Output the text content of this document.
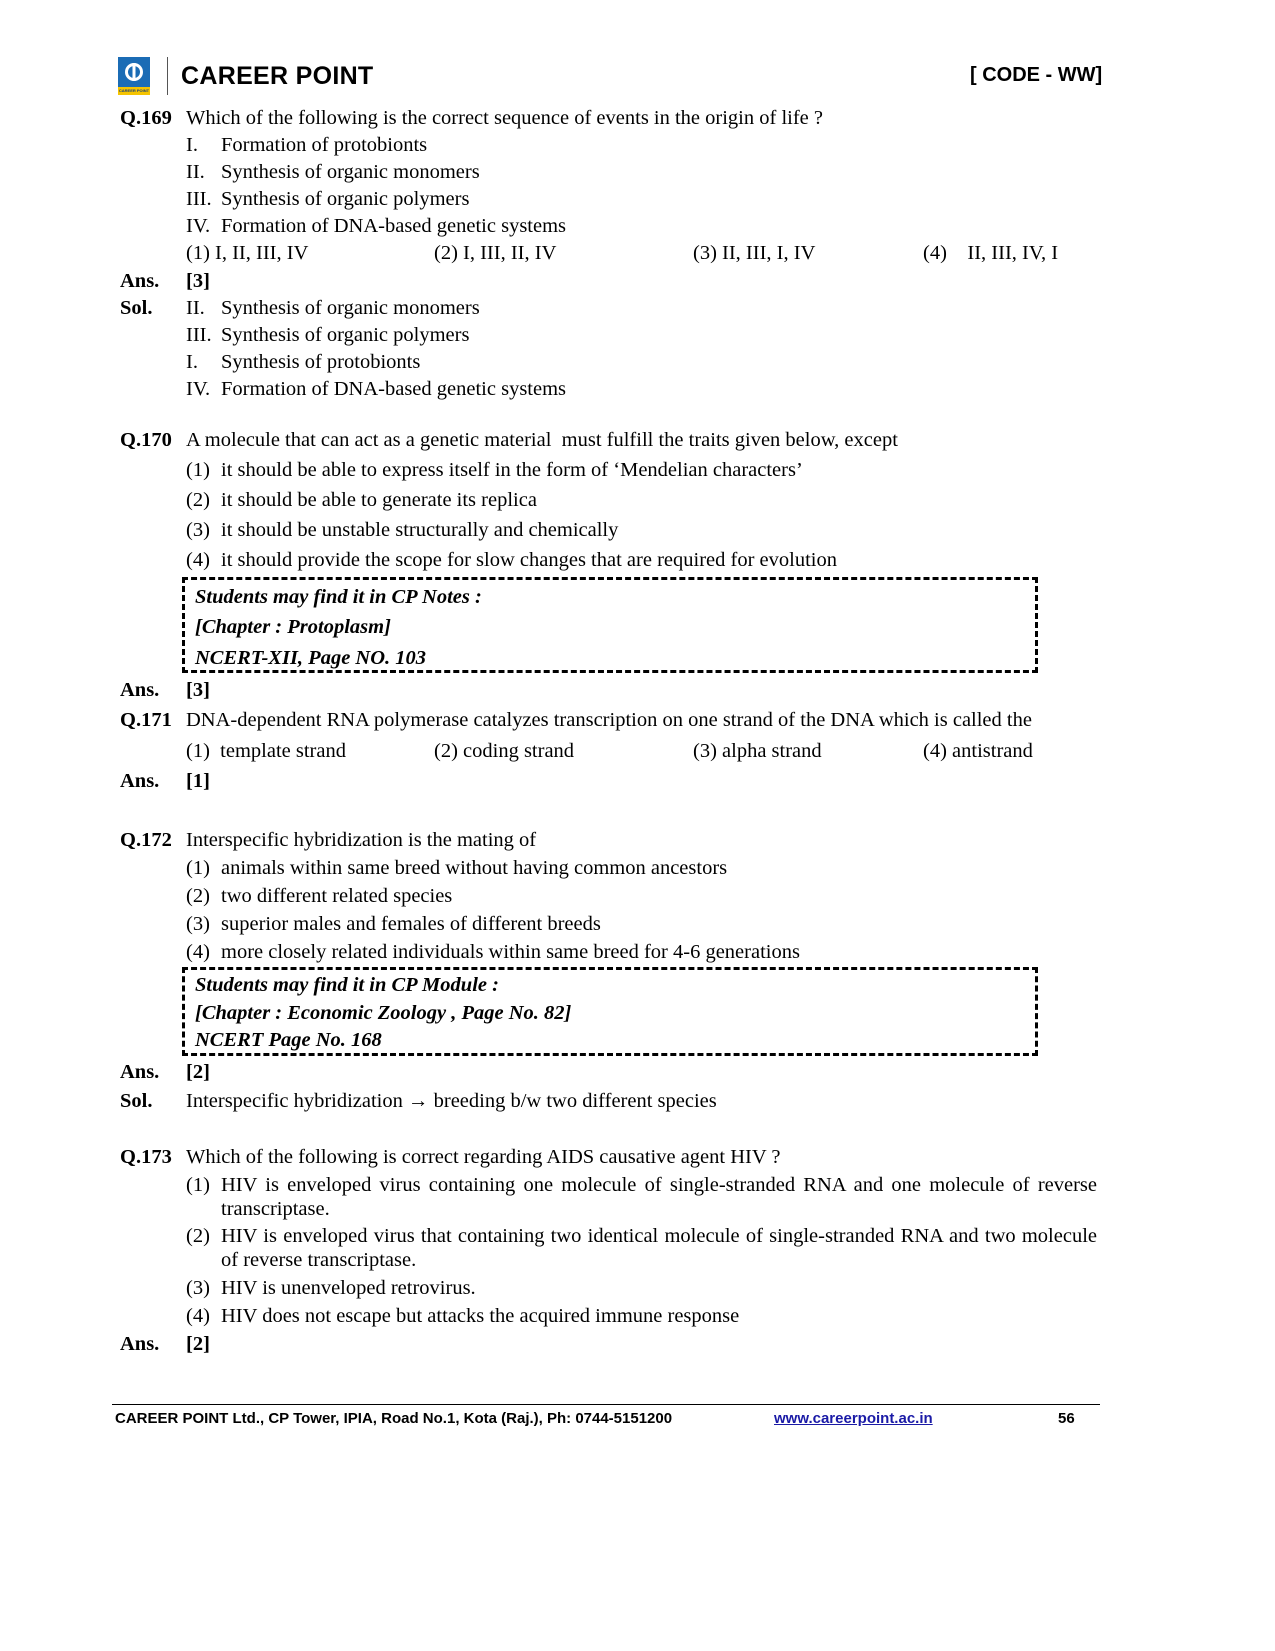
CAREER POINT
CAREER POINT	[ CODE - WW]
Q.169 Which of the following is the correct sequence of events in the origin of life ?
I. Formation of protobionts
II. Synthesis of organic monomers
III. Synthesis of organic polymers
IV. Formation of DNA-based genetic systems
(1) I, II, III, IV	(2) I, III, II, IV	(3) II, III, I, IV	(4)    II, III, IV, I
Ans. [3]
Sol. II. Synthesis of organic monomers
III. Synthesis of organic polymers
I. Synthesis of protobionts
IV. Formation of DNA-based genetic systems
Q.170 A molecule that can act as a genetic material  must fulfill the traits given below, except
(1) it should be able to express itself in the form of ‘Mendelian characters’
(2) it should be able to generate its replica
(3) it should be unstable structurally and chemically
(4) it should provide the scope for slow changes that are required for evolution
Students may find it in CP Notes :
[Chapter : Protoplasm]
NCERT-XII, Page NO. 103
Ans. [3]
Q.171 DNA-dependent RNA polymerase catalyzes transcription on one strand of the DNA which is called the
(1)  template strand	(2) coding strand	(3) alpha strand	(4) antistrand
Ans. [1]
Q.172 Interspecific hybridization is the mating of
(1) animals within same breed without having common ancestors
(2) two different related species
(3) superior males and females of different breeds
(4) more closely related individuals within same breed for 4-6 generations
Students may find it in CP Module :
[Chapter : Economic Zoology , Page No. 82]
NCERT Page No. 168
Ans. [2]
Sol. Interspecific hybridization → breeding b/w two different species
Q.173 Which of the following is correct regarding AIDS causative agent HIV ?
(1) HIV is enveloped virus containing one molecule of single-stranded RNA and one molecule of reverse transcriptase.
(2) HIV is enveloped virus that containing two identical molecule of single-stranded RNA and two molecule of reverse transcriptase.
(3) HIV is unenveloped retrovirus.
(4) HIV does not escape but attacks the acquired immune response
Ans. [2]
CAREER POINT Ltd., CP Tower, IPIA, Road No.1, Kota (Raj.), Ph: 0744-5151200	www.careerpoint.ac.in	56
